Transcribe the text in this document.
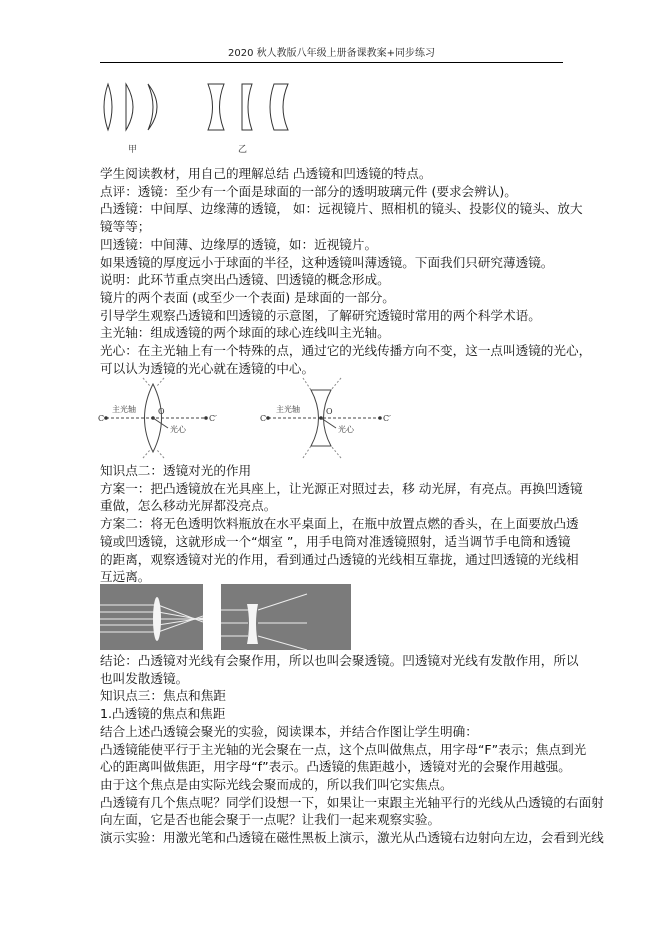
2020 秋人教版八年级上册备课教案+同步练习
甲	乙
学生阅读教材，用自己的理解总结 凸透镜和凹透镜的特点。
点评：透镜：至少有一个面是球面的一部分的透明玻璃元件 (要求会辨认)。
凸透镜：中间厚、边缘薄的透镜， 如：远视镜片、照相机的镜头、投影仪的镜头、放大
镜等等；
凹透镜：中间薄、边缘厚的透镜，如：近视镜片。
如果透镜的厚度远小于球面的半径，这种透镜叫薄透镜。下面我们只研究薄透镜。
说明：此环节重点突出凸透镜、凹透镜的概念形成。
镜片的两个表面 (或至少一个表面) 是球面的一部分。
引导学生观察凸透镜和凹透镜的示意图，了解研究透镜时常用的两个科学术语。
主光轴：组成透镜的两个球面的球心连线叫主光轴。
光心：在主光轴上有一个特殊的点，通过它的光线传播方向不变，这一点叫透镜的光心，
可以认为透镜的光心就在透镜的中心。
C
主光轴	O
光心
C′	C
主光轴	O
光心
C′
知识点二：透镜对光的作用
方案一：把凸透镜放在光具座上，让光源正对照过去，移 动光屏，有亮点。再换凹透镜
重做，怎么移动光屏都没亮点。
方案二：将无色透明饮料瓶放在水平桌面上，在瓶中放置点燃的香头，在上面要放凸透
镜或凹透镜，这就形成一个“烟室 ”，用手电筒对准透镜照射，适当调节手电筒和透镜
的距离，观察透镜对光的作用，看到通过凸透镜的光线相互靠拢，通过凹透镜的光线相
互远离。
结论：凸透镜对光线有会聚作用，所以也叫会聚透镜。凹透镜对光线有发散作用，所以
也叫发散透镜。
知识点三：焦点和焦距
1.凸透镜的焦点和焦距
结合上述凸透镜会聚光的实验，阅读课本，并结合作图让学生明确：
凸透镜能使平行于主光轴的光会聚在一点，这个点叫做焦点，用字母“F”表示；焦点到光
心的距离叫做焦距，用字母“f”表示。凸透镜的焦距越小，透镜对光的会聚作用越强。
由于这个焦点是由实际光线会聚而成的，所以我们叫它实焦点。
凸透镜有几个焦点呢？同学们设想一下，如果让一束跟主光轴平行的光线从凸透镜的右面射
向左面，它是否也能会聚于一点呢？让我们一起来观察实验。
演示实验：用激光笔和凸透镜在磁性黑板上演示，激光从凸透镜右边射向左边，会看到光线
